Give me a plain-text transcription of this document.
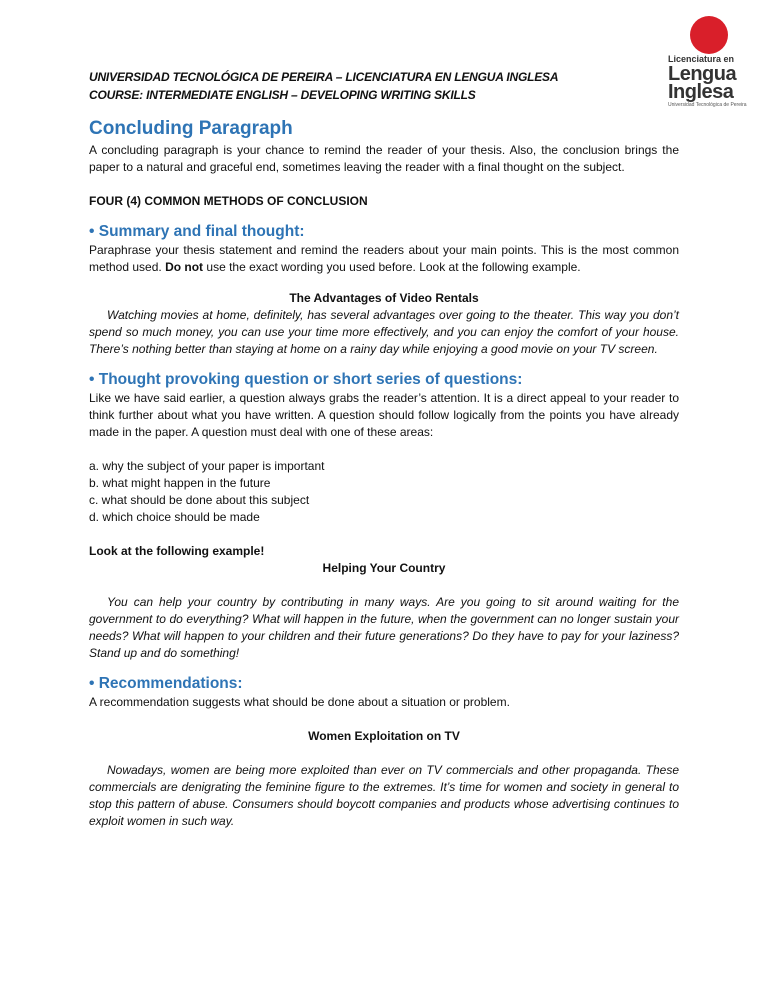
Licenciatura en
Lengua
Inglesa
Universidad Tecnológica de Pereira
UNIVERSIDAD TECNOLÓGICA DE PEREIRA – LICENCIATURA EN LENGUA INGLESA
COURSE: INTERMEDIATE ENGLISH – DEVELOPING WRITING SKILLS
Concluding Paragraph

A concluding paragraph is your chance to remind the reader of your thesis. Also, the conclusion brings the paper to a natural and graceful end, sometimes leaving the reader with a final thought on the subject.

FOUR (4) COMMON METHODS OF CONCLUSION

• Summary and final thought:

Paraphrase your thesis statement and remind the readers about your main points. This is the most common method used. Do not use the exact wording you used before. Look at the following example.

The Advantages of Video Rentals

Watching movies at home, definitely, has several advantages over going to the theater. This way you don’t spend so much money, you can use your time more effectively, and you can enjoy the comfort of your house. There’s nothing better than staying at home on a rainy day while enjoying a good movie on your TV screen.

• Thought provoking question or short series of questions:

Like we have said earlier, a question always grabs the reader’s attention. It is a direct appeal to your reader to think further about what you have written. A question should follow logically from the points you have already made in the paper. A question must deal with one of these areas:

a. why the subject of your paper is important
b. what might happen in the future
c. what should be done about this subject
d. which choice should be made

Look at the following example!

Helping Your Country

You can help your country by contributing in many ways. Are you going to sit around waiting for the government to do everything? What will happen in the future, when the government can no longer sustain your needs? What will happen to your children and their future generations? Do they have to pay for your laziness? Stand up and do something!

• Recommendations:

A recommendation suggests what should be done about a situation or problem.

Women Exploitation on TV

Nowadays, women are being more exploited than ever on TV commercials and other propaganda. These commercials are denigrating the feminine figure to the extremes. It’s time for women and society in general to stop this pattern of abuse. Consumers should boycott companies and products whose advertising continues to exploit women in such way.
